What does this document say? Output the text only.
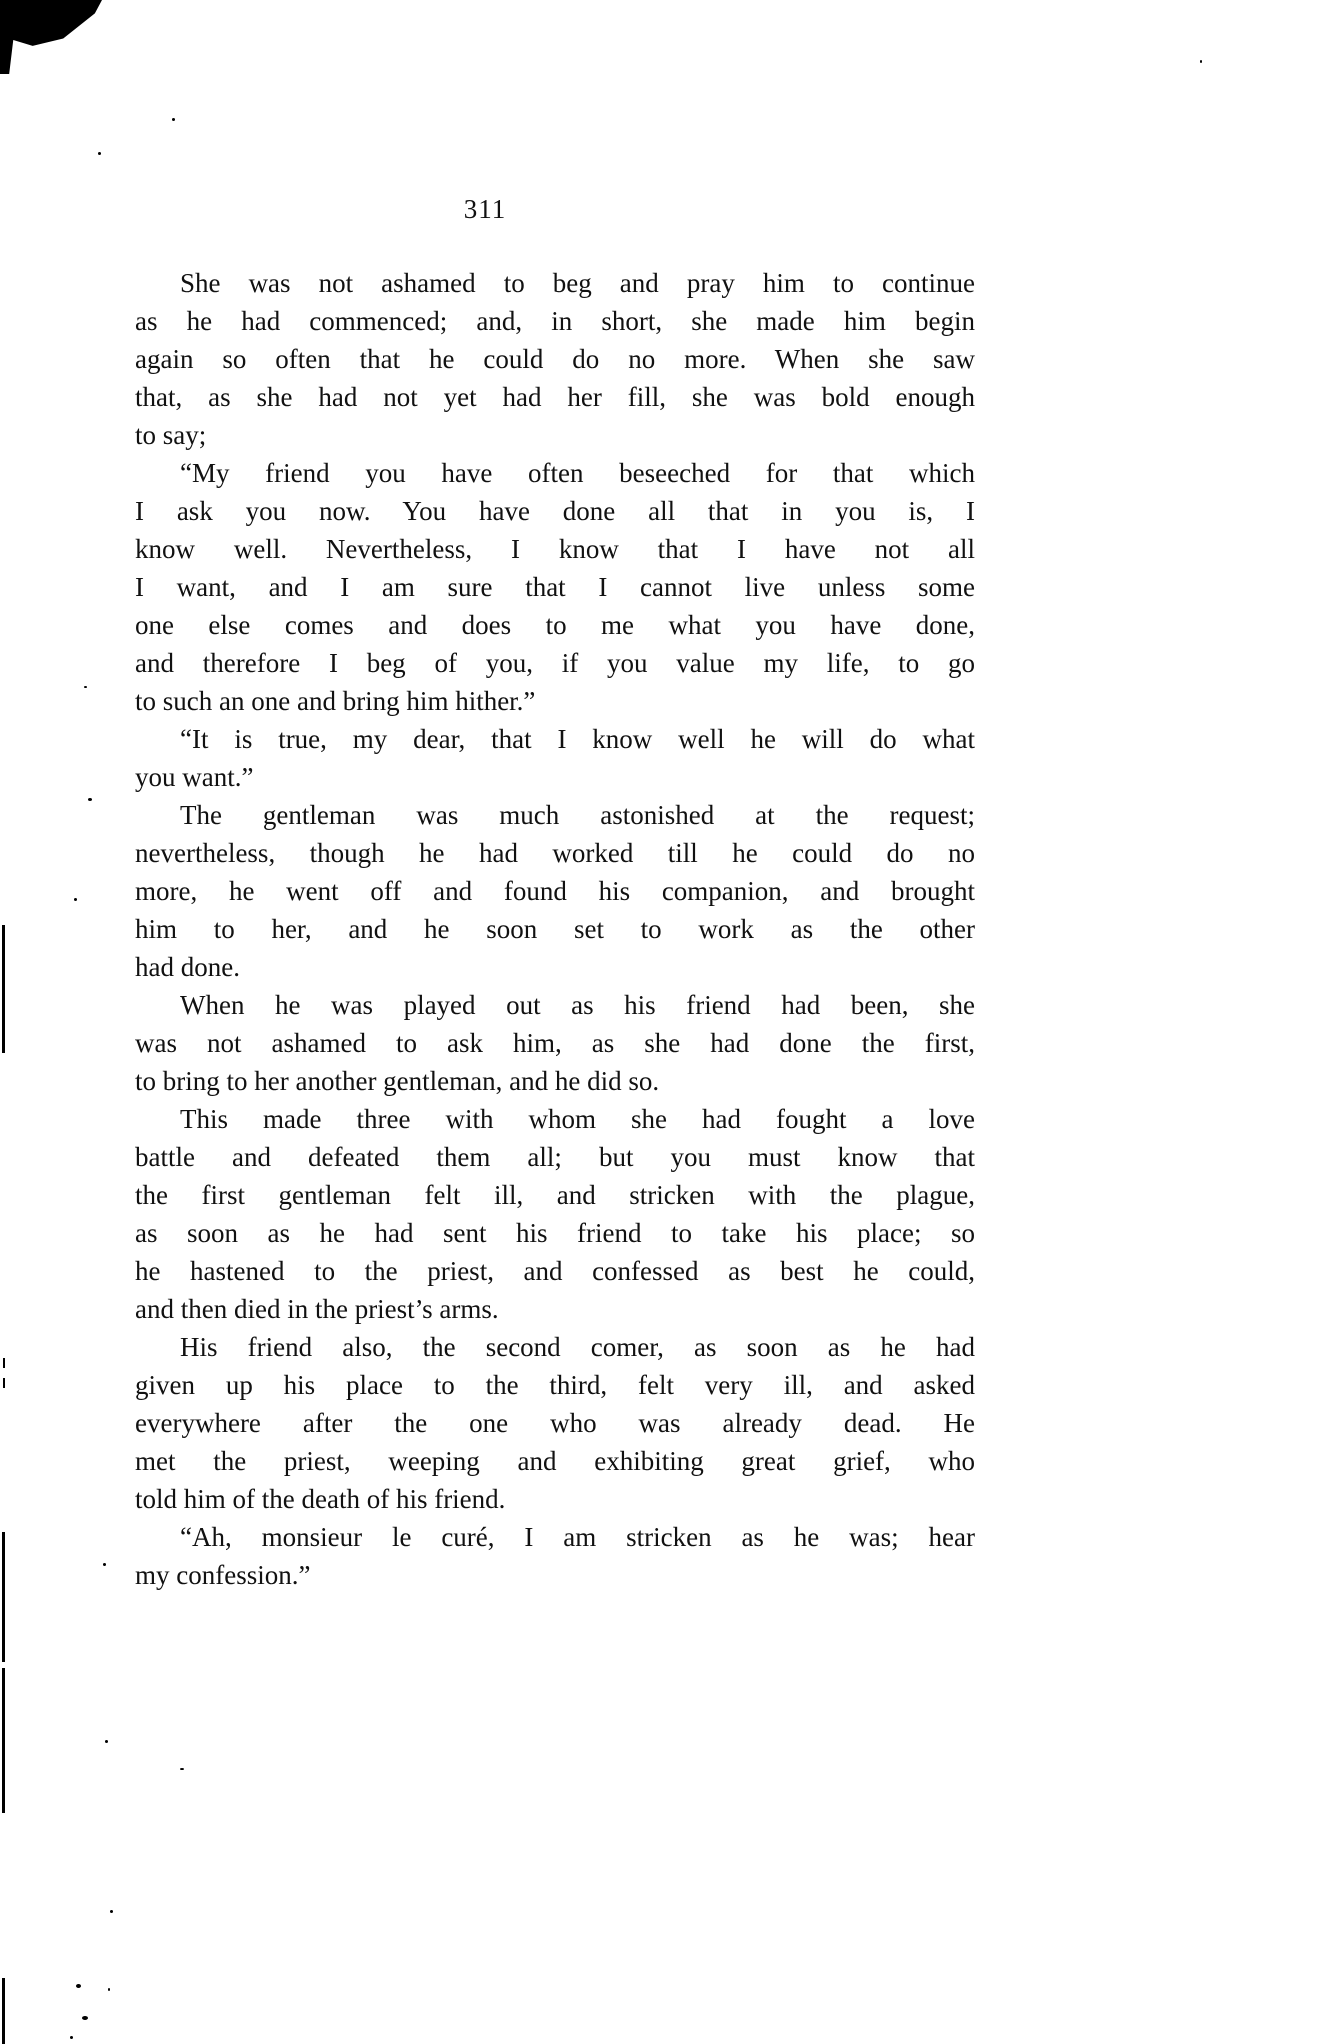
311
She was not ashamed to beg and pray him to continue
as he had commenced; and, in short, she made him begin
again so often that he could do no more. When she saw
that, as she had not yet had her fill, she was bold enough
to say;
“My friend you have often beseeched for that which
I ask you now. You have done all that in you is, I
know well. Nevertheless, I know that I have not all
I want, and I am sure that I cannot live unless some
one else comes and does to me what you have done,
and therefore I beg of you, if you value my life, to go
to such an one and bring him hither.”
“It is true, my dear, that I know well he will do what
you want.”
The gentleman was much astonished at the request;
nevertheless, though he had worked till he could do no
more, he went off and found his companion, and brought
him to her, and he soon set to work as the other
had done.
When he was played out as his friend had been, she
was not ashamed to ask him, as she had done the first,
to bring to her another gentleman, and he did so.
This made three with whom she had fought a love
battle and defeated them all; but you must know that
the first gentleman felt ill, and stricken with the plague,
as soon as he had sent his friend to take his place; so
he hastened to the priest, and confessed as best he could,
and then died in the priest’s arms.
His friend also, the second comer, as soon as he had
given up his place to the third, felt very ill, and asked
everywhere after the one who was already dead. He
met the priest, weeping and exhibiting great grief, who
told him of the death of his friend.
“Ah, monsieur le curé, I am stricken as he was; hear
my confession.”
